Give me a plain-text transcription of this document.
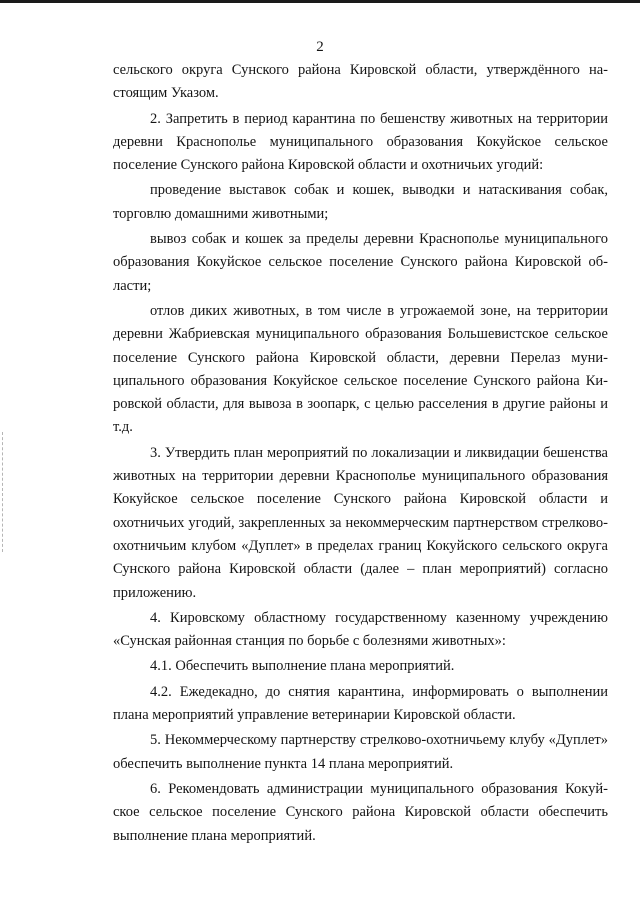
2

сельского округа Сунского района Кировской области, утверждённого настоящим Указом.

2. Запретить в период карантина по бешенству животных на территории деревни Краснополье муниципального образования Кокуйское сельское поселение Сунского района Кировской области и охотничьих угодий:

проведение выставок собак и кошек, выводки и натаскивания собак, торговлю домашними животными;

вывоз собак и кошек за пределы деревни Краснополье муниципального образования Кокуйское сельское поселение Сунского района Кировской области;

отлов диких животных, в том числе в угрожаемой зоне, на территории деревни Жабриевская муниципального образования Большевистское сельское поселение Сунского района Кировской области, деревни Перелаз муниципального образования Кокуйское сельское поселение Сунского района Кировской области, для вывоза в зоопарк, с целью расселения в другие районы и т.д.

3. Утвердить план мероприятий по локализации и ликвидации бешенства животных на территории деревни Краснополье муниципального образования Кокуйское сельское поселение Сунского района Кировской области и охотничьих угодий, закрепленных за некоммерческим партнерством стрелково-охотничьим клубом «Дуплет» в пределах границ Кокуйского сельского округа Сунского района Кировской области (далее – план мероприятий) согласно приложению.

4. Кировскому областному государственному казенному учреждению «Сунская районная станция по борьбе с болезнями животных»:

4.1. Обеспечить выполнение плана мероприятий.

4.2. Ежедекадно, до снятия карантина, информировать о выполнении плана мероприятий управление ветеринарии Кировской области.

5. Некоммерческому партнерству стрелково-охотничьему клубу «Дуплет» обеспечить выполнение пункта 14 плана мероприятий.

6. Рекомендовать администрации муниципального образования Кокуйское сельское поселение Сунского района Кировской области обеспечить выполнение плана мероприятий.
